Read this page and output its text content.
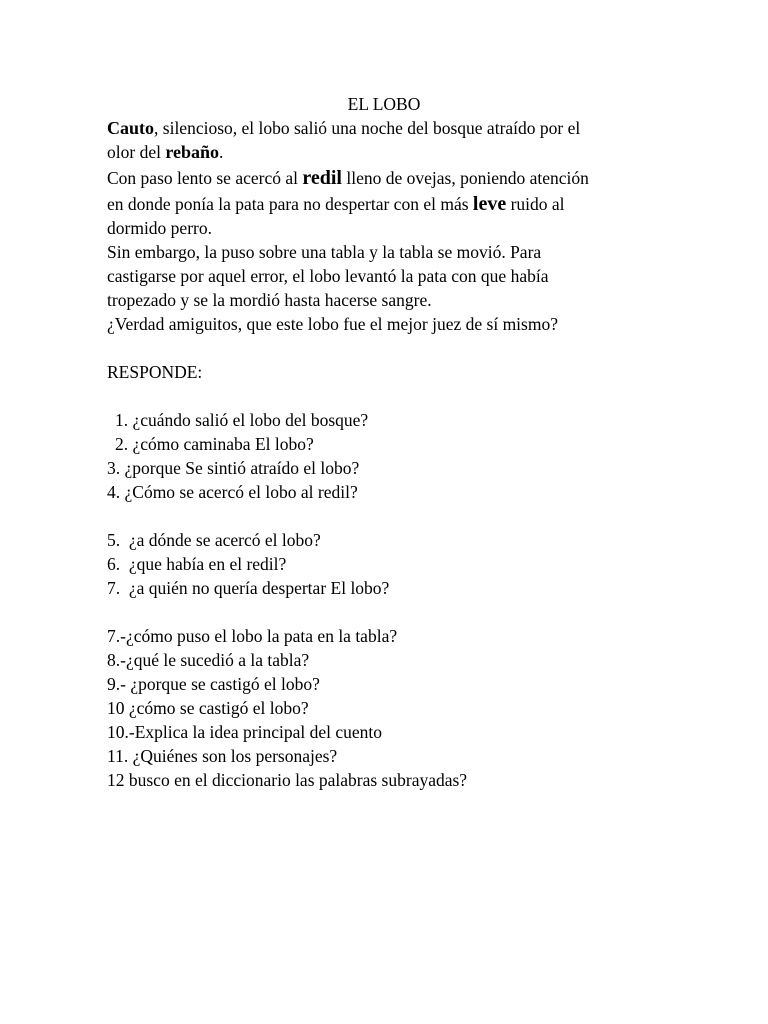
EL LOBO
Cauto, silencioso, el lobo salió una noche del bosque atraído por el
olor del rebaño.
Con paso lento se acercó al redil lleno de ovejas, poniendo atención
en donde ponía la pata para no despertar con el más leve ruido al
dormido perro.
Sin embargo, la puso sobre una tabla y la tabla se movió. Para
castigarse por aquel error, el lobo levantó la pata con que había
tropezado y se la mordió hasta hacerse sangre.
¿Verdad amiguitos, que este lobo fue el mejor juez de sí mismo?
RESPONDE:
1. ¿cuándo salió el lobo del bosque?
2. ¿cómo caminaba El lobo?
3. ¿porque Se sintió atraído el lobo?
4. ¿Cómo se acercó el lobo al redil?
5.  ¿a dónde se acercó el lobo?
6.  ¿que había en el redil?
7.  ¿a quién no quería despertar El lobo?
7.-¿cómo puso el lobo la pata en la tabla?
8.-¿qué le sucedió a la tabla?
9.- ¿porque se castigó el lobo?
10 ¿cómo se castigó el lobo?
10.-Explica la idea principal del cuento
11. ¿Quiénes son los personajes?
12 busco en el diccionario las palabras subrayadas?
